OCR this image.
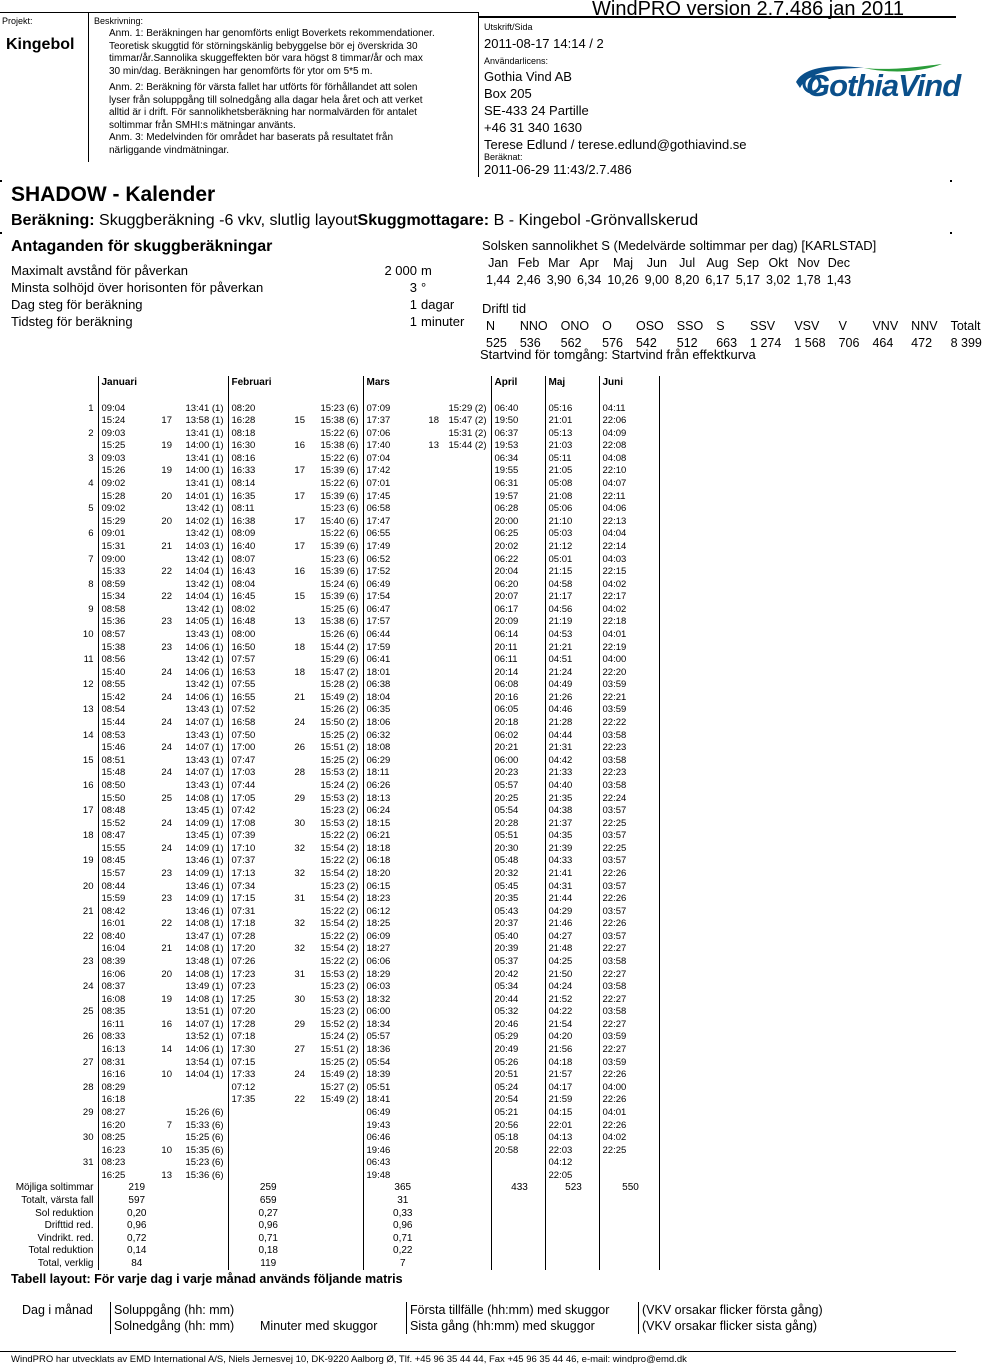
Projekt:
Kingebol
Beskrivning:
Anm. 1: Beräkningen har genomförts enligt Boverkets rekommendationer.
Teoretisk skuggtid för störningskänlig bebyggelse bör ej överskrida 30
timmar/år.Sannolika skuggeffekten bör vara högst 8 timmar/år och max
30 min/dag. Beräkningen har genomförts för ytor om 5*5 m.
Anm. 2: Beräkning för värsta fallet har utförts för förhållandet att solen
lyser från soluppgång till solnedgång alla dagar hela året och att verket
alltid är i drift. För sannolikhetsberäkning har normalvärden för antalet
soltimmar från SMHI:s mätningar använts.
Anm. 3: Medelvinden för området har baserats på resultatet från
närliggande vindmätningar.
WindPRO version 2.7.486 jan 2011
Utskrift/Sida
2011-08-17 14:14 / 2
Användarlicens:
Gothia Vind AB
Box 205
SE-433 24 Partille
+46 31 340 1630
Terese Edlund / terese.edlund@gothiavind.se
Beräknat:
2011-06-29 11:43/2.7.486
GothiaVind
SHADOW - Kalender
Beräkning: Skuggberäkning -6 vkv, slutlig layoutSkuggmottagare: B - Kingebol -Grönvallskerud
Antaganden för skuggberäkningar
Maximalt avstånd för påverkan	2 000	m
Minsta solhöjd över horisonten för påverkan	3	°
Dag steg för beräkning	1	dagar
Tidsteg för beräkning	1	minuter
Solsken sannolikhet S (Medelvärde soltimmar per dag) [KARLSTAD]
Jan	Feb	Mar	Apr	Maj	Jun	Jul	Aug	Sep	Okt	Nov	Dec
1,44	2,46	3,90	6,34	10,26	9,00	8,20	6,17	5,17	3,02	1,78	1,43
Driftl tid
N	NNO	ONO	O	OSO	SSO	S	SSV	VSV	V	VNV	NNV	Totalt
525	536	562	576	542	512	663	1 274	1 568	706	464	472	8 399
Startvind för tomgång: Startvind från effektkurva
	Januari			Februari			Mars			April	Maj	Juni	

1	09:04		13:41 (1)	08:20		15:23 (6)	07:09		15:29 (2)	06:40	05:16	04:11	
	15:24	17	13:58 (1)	16:28	15	15:38 (6)	17:37	18	15:47 (2)	19:50	21:01	22:06	
2	09:03		13:41 (1)	08:18		15:22 (6)	07:06		15:31 (2)	06:37	05:13	04:09	
	15:25	19	14:00 (1)	16:30	16	15:38 (6)	17:40	13	15:44 (2)	19:53	21:03	22:08	
3	09:03		13:41 (1)	08:16		15:22 (6)	07:04			06:34	05:11	04:08	
	15:26	19	14:00 (1)	16:33	17	15:39 (6)	17:42			19:55	21:05	22:10	
4	09:02		13:41 (1)	08:14		15:22 (6)	07:01			06:31	05:08	04:07	
	15:28	20	14:01 (1)	16:35	17	15:39 (6)	17:45			19:57	21:08	22:11	
5	09:02		13:42 (1)	08:11		15:23 (6)	06:58			06:28	05:06	04:06	
	15:29	20	14:02 (1)	16:38	17	15:40 (6)	17:47			20:00	21:10	22:13	
6	09:01		13:42 (1)	08:09		15:22 (6)	06:55			06:25	05:03	04:04	
	15:31	21	14:03 (1)	16:40	17	15:39 (6)	17:49			20:02	21:12	22:14	
7	09:00		13:42 (1)	08:07		15:23 (6)	06:52			06:22	05:01	04:03	
	15:33	22	14:04 (1)	16:43	16	15:39 (6)	17:52			20:04	21:15	22:15	
8	08:59		13:42 (1)	08:04		15:24 (6)	06:49			06:20	04:58	04:02	
	15:34	22	14:04 (1)	16:45	15	15:39 (6)	17:54			20:07	21:17	22:17	
9	08:58		13:42 (1)	08:02		15:25 (6)	06:47			06:17	04:56	04:02	
	15:36	23	14:05 (1)	16:48	13	15:38 (6)	17:57			20:09	21:19	22:18	
10	08:57		13:43 (1)	08:00		15:26 (6)	06:44			06:14	04:53	04:01	
	15:38	23	14:06 (1)	16:50	18	15:44 (2)	17:59			20:11	21:21	22:19	
11	08:56		13:42 (1)	07:57		15:29 (6)	06:41			06:11	04:51	04:00	
	15:40	24	14:06 (1)	16:53	18	15:47 (2)	18:01			20:14	21:24	22:20	
12	08:55		13:42 (1)	07:55		15:28 (2)	06:38			06:08	04:49	03:59	
	15:42	24	14:06 (1)	16:55	21	15:49 (2)	18:04			20:16	21:26	22:21	
13	08:54		13:43 (1)	07:52		15:26 (2)	06:35			06:05	04:46	03:59	
	15:44	24	14:07 (1)	16:58	24	15:50 (2)	18:06			20:18	21:28	22:22	
14	08:53		13:43 (1)	07:50		15:25 (2)	06:32			06:02	04:44	03:58	
	15:46	24	14:07 (1)	17:00	26	15:51 (2)	18:08			20:21	21:31	22:23	
15	08:51		13:43 (1)	07:47		15:25 (2)	06:29			06:00	04:42	03:58	
	15:48	24	14:07 (1)	17:03	28	15:53 (2)	18:11			20:23	21:33	22:23	
16	08:50		13:43 (1)	07:44		15:24 (2)	06:26			05:57	04:40	03:58	
	15:50	25	14:08 (1)	17:05	29	15:53 (2)	18:13			20:25	21:35	22:24	
17	08:48		13:45 (1)	07:42		15:23 (2)	06:24			05:54	04:38	03:57	
	15:52	24	14:09 (1)	17:08	30	15:53 (2)	18:15			20:28	21:37	22:25	
18	08:47		13:45 (1)	07:39		15:22 (2)	06:21			05:51	04:35	03:57	
	15:55	24	14:09 (1)	17:10	32	15:54 (2)	18:18			20:30	21:39	22:25	
19	08:45		13:46 (1)	07:37		15:22 (2)	06:18			05:48	04:33	03:57	
	15:57	23	14:09 (1)	17:13	32	15:54 (2)	18:20			20:32	21:41	22:26	
20	08:44		13:46 (1)	07:34		15:23 (2)	06:15			05:45	04:31	03:57	
	15:59	23	14:09 (1)	17:15	31	15:54 (2)	18:23			20:35	21:44	22:26	
21	08:42		13:46 (1)	07:31		15:22 (2)	06:12			05:43	04:29	03:57	
	16:01	22	14:08 (1)	17:18	32	15:54 (2)	18:25			20:37	21:46	22:26	
22	08:40		13:47 (1)	07:28		15:22 (2)	06:09			05:40	04:27	03:57	
	16:04	21	14:08 (1)	17:20	32	15:54 (2)	18:27			20:39	21:48	22:27	
23	08:39		13:48 (1)	07:26		15:22 (2)	06:06			05:37	04:25	03:58	
	16:06	20	14:08 (1)	17:23	31	15:53 (2)	18:29			20:42	21:50	22:27	
24	08:37		13:49 (1)	07:23		15:23 (2)	06:03			05:34	04:24	03:58	
	16:08	19	14:08 (1)	17:25	30	15:53 (2)	18:32			20:44	21:52	22:27	
25	08:35		13:51 (1)	07:20		15:23 (2)	06:00			05:32	04:22	03:58	
	16:11	16	14:07 (1)	17:28	29	15:52 (2)	18:34			20:46	21:54	22:27	
26	08:33		13:52 (1)	07:18		15:24 (2)	05:57			05:29	04:20	03:59	
	16:13	14	14:06 (1)	17:30	27	15:51 (2)	18:36			20:49	21:56	22:27	
27	08:31		13:54 (1)	07:15		15:25 (2)	05:54			05:26	04:18	03:59	
	16:16	10	14:04 (1)	17:33	24	15:49 (2)	18:39			20:51	21:57	22:26	
28	08:29			07:12		15:27 (2)	05:51			05:24	04:17	04:00	
	16:18			17:35	22	15:49 (2)	18:41			20:54	21:59	22:26	
29	08:27		15:26 (6)				06:49			05:21	04:15	04:01	
	16:20	7	15:33 (6)				19:43			20:56	22:01	22:26	
30	08:25		15:25 (6)				06:46			05:18	04:13	04:02	
	16:23	10	15:35 (6)				19:46			20:58	22:03	22:25	
31	08:23		15:23 (6)				06:43				04:12		
	16:25	13	15:36 (6)				19:48				22:05		
Möjliga soltimmar	219			259			365			433	523	550	
Totalt, värsta fall	597			659			31						
Sol reduktion	0,20			0,27			0,33						
Drifttid red.	0,96			0,96			0,96						
Vindrikt. red.	0,72			0,71			0,71						
Total reduktion	0,14			0,18			0,22						
Total, verklig	84			119			7						
Tabell layout: För varje dag i varje månad används följande matris
Dag i månad	Soluppgång (hh: mm)		Första tillfälle (hh:mm) med skuggor	(VKV orsakar flicker första gång)
	Solnedgång (hh: mm)	Minuter med skuggor	Sista gång (hh:mm) med skuggor	(VKV orsakar flicker sista gång)
WindPRO har utvecklats av EMD International A/S, Niels Jernesvej 10, DK-9220 Aalborg Ø, Tlf. +45 96 35 44 44, Fax +45 96 35 44 46, e-mail: windpro@emd.dk
